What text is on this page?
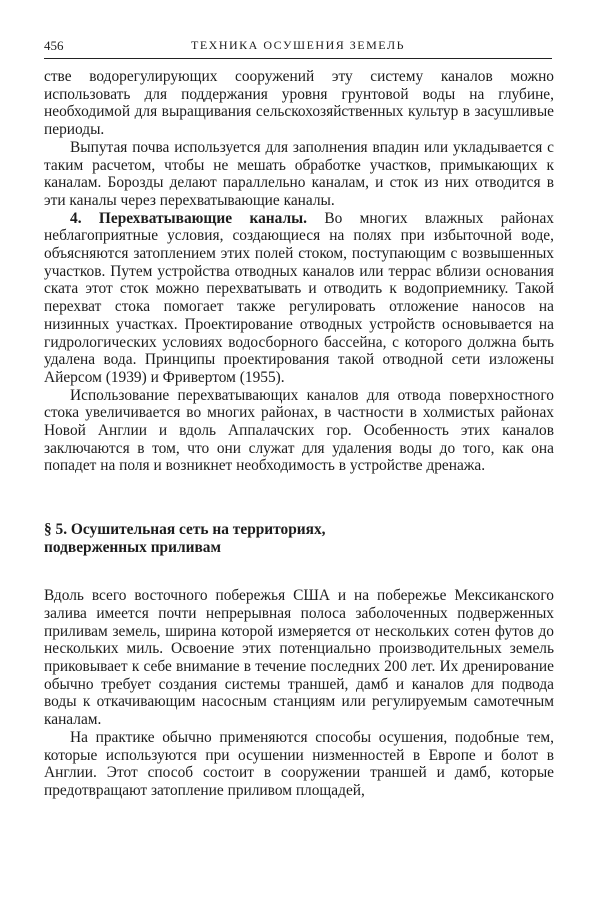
456	ТЕХНИКА ОСУШЕНИЯ ЗЕМЕЛЬ

стве водорегулирующих сооружений эту систему каналов можно использовать для поддержания уровня грунтовой воды на глубине, необходимой для выращивания сельскохозяйственных культур в засушливые периоды.

Выпутая почва используется для заполнения впадин или укладывается с таким расчетом, чтобы не мешать обработке участков, примыкающих к каналам. Борозды делают параллельно каналам, и сток из них отводится в эти каналы через перехватывающие каналы.

4. Перехватывающие каналы. Во многих влажных районах неблагоприятные условия, создающиеся на полях при избыточной воде, объясняются затоплением этих полей стоком, поступающим с возвышенных участков. Путем устройства отводных каналов или террас вблизи основания ската этот сток можно перехватывать и отводить к водоприемнику. Такой перехват стока помогает также регулировать отложение наносов на низинных участках. Проектирование отводных устройств основывается на гидрологических условиях водосборного бассейна, с которого должна быть удалена вода. Принципы проектирования такой отводной сети изложены Айерсом (1939) и Фривертом (1955).

Использование перехватывающих каналов для отвода поверхностного стока увеличивается во многих районах, в частности в холмистых районах Новой Англии и вдоль Аппалачских гор. Особенность этих каналов заключаются в том, что они служат для удаления воды до того, как она попадет на поля и возникнет необходимость в устройстве дренажа.

§ 5. Осушительная сеть на территориях,
подверженных приливам

Вдоль всего восточного побережья США и на побережье Мексиканского залива имеется почти непрерывная полоса заболоченных подверженных приливам земель, ширина которой измеряется от нескольких сотен футов до нескольких миль. Освоение этих потенциально производительных земель приковывает к себе внимание в течение последних 200 лет. Их дренирование обычно требует создания системы траншей, дамб и каналов для подвода воды к откачивающим насосным станциям или регулируемым самотечным каналам.

На практике обычно применяются способы осушения, подобные тем, которые используются при осушении низменностей в Европе и болот в Англии. Этот способ состоит в сооружении траншей и дамб, которые предотвращают затопление приливом площадей,
